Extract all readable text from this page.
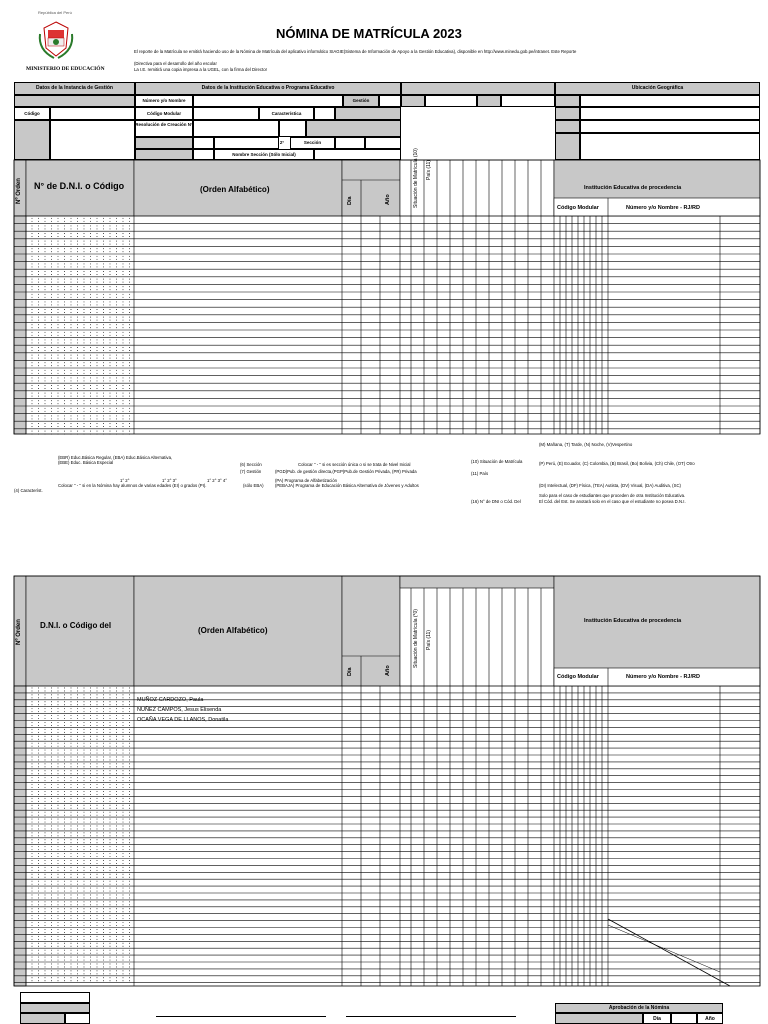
República del Perú
MINISTERIO DE EDUCACIÓN
NÓMINA DE MATRÍCULA 2023
El reporte de la Matrícula se emitirá haciendo uso de la Nómina de Matrícula del aplicativo informático SIAGIE(Sistema de Información de Apoyo a la Gestión Educativa), disponible en http://www.minedu.gob.pe/intranet. Este Reporte
(Directiva para el desarrollo del año escolar
La I.E. remitirá una copia impresa a la UGEL, con la firma del Director
Datos de la Instancia de Gestión	Datos de la Institución Educativa o Programa Educativo	Ubicación Geográfica
Número y/o Nombre	Gestión
Código	Código Modular	Característica
Resolución de Creación N°
2°	Sección
Nombre Sección (Sólo Inicial)
Nº Orden N° de D.N.I. o Código	(Orden Alfabético)
Día	Año	Situación de Matrícula (10) País (11)
Institución Educativa de procedencia
Código Modular	Número y/o Nombre - RJ/RD
(EBR) Educ.Básica Regular, (EBA) Educ.Básica Alternativa,
(EBE) Educ. Básica Especial	(6) Sección	Colocar " - " si es sección única o si se trata de Nivel Inicial
(7) Gestión	(PGD)Pub. de gestión directa,(PGP)Pub.de Gestión Privada, (PR) Privada
1° 2°	1° 2° 3°	1° 2° 3° 4°	(PA) Programa de Alfabetización
Colocar " - " si en la Nómina hay alumnos de varias edades (EI) o grados (PI).	(sólo EBA)	(PEBAJA) Programa de Educación Básica Alternativa de Jóvenes y Adultos
(4) Característ.
(10) Situación de Matrícula
(11) País
(16) N° de DNI o Cód. Del
(M) Mañana, (T) Tarde, (N) Noche, (V)Vespertino
(P) Perú, (E) Ecuador, (C) Colombia, (B) Brasil, (Bo) Bolivia, (Ch) Chile, (OT) Otro
(DI) Intelectual, (DF) Física, (TEA) Autista, (DV) Visual, (DA) Auditiva, (SC)
Solo para el caso de estudiantes que proceden de otra Institución Educativa.
El Cód. del Est. Se anotará solo en el caso que el estudiante no posea D.N.I.
Nº Orden D.N.I. o Código del
(Orden Alfabético)
Día	Año
Situación de Matrícula (*0) País (11)
Institución Educativa de procedencia
Código Modular	Número y/o Nombre - RJ/RD
MUÑOZ CARDOZO, Paula
NUÑEZ CAMPOS, Jesus Elisenda
OCAÑA VEGA DE LLANOS, Donatila
Aprobación de la Nómina
Día	Año
